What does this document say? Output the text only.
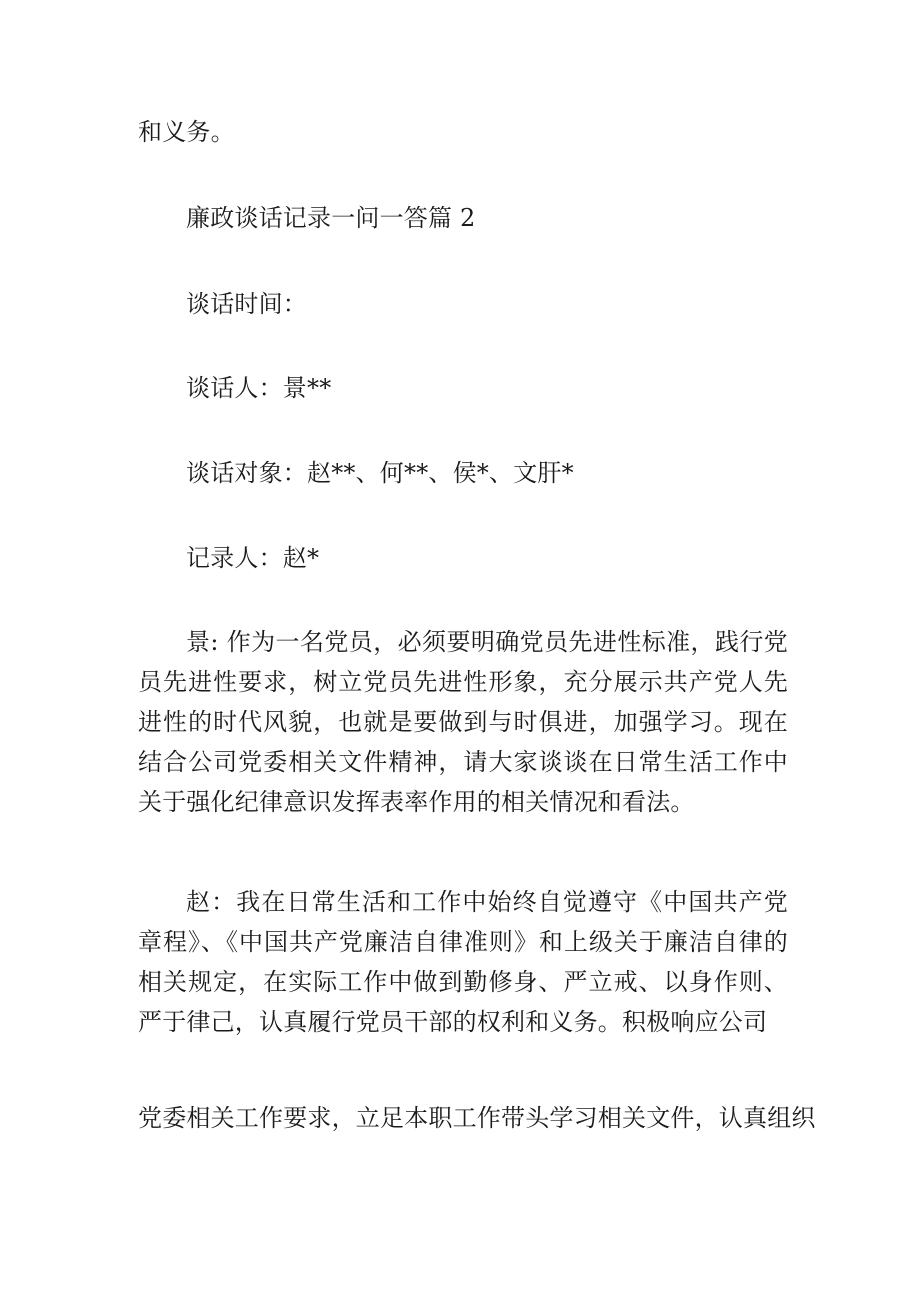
和义务。
廉政谈话记录一问一答篇 2
谈话时间：
谈话人：景**
谈话对象：赵**、何**、侯*、文肝*
记录人：赵*
景: 作为一名党员，必须要明确党员先进性标准，践行党员先进性要求，树立党员先进性形象，充分展示共产党人先进性的时代风貌，也就是要做到与时俱进，加强学习。现在结合公司党委相关文件精神，请大家谈谈在日常生活工作中关于强化纪律意识发挥表率作用的相关情况和看法。
赵：我在日常生活和工作中始终自觉遵守《中国共产党章程》、《中国共产党廉洁自律准则》和上级关于廉洁自律的相关规定，在实际工作中做到勤修身、严立戒、以身作则、严于律己，认真履行党员干部的权利和义务。积极响应公司
党委相关工作要求，立足本职工作带头学习相关文件，认真组织
